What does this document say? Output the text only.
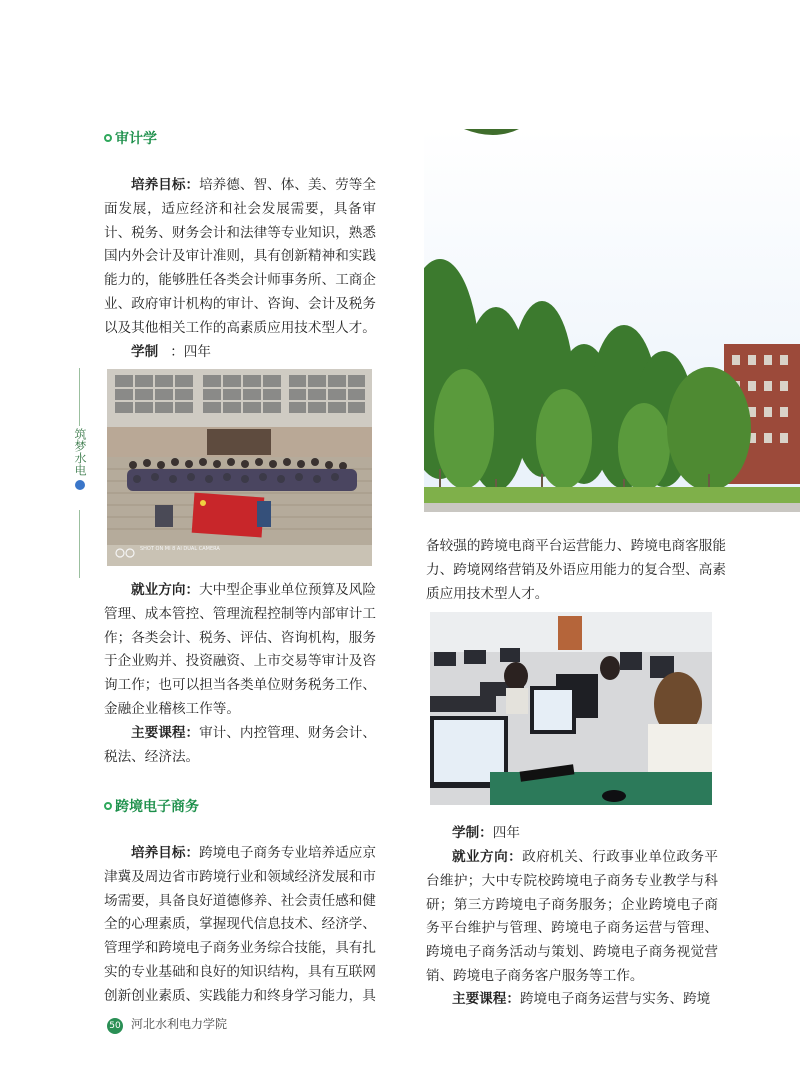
审计学
培养目标：培养德、智、体、美、劳等全面发展，适应经济和社会发展需要，具备审计、税务、财务会计和法律等专业知识，熟悉国内外会计及审计准则，具有创新精神和实践能力的，能够胜任各类会计师事务所、工商企业、政府审计机构的审计、咨询、会计及税务以及其他相关工作的高素质应用技术型人才。
学制 ：四年
SHOT ON MI 8 AI DUAL CAMERA
就业方向：大中型企事业单位预算及风险管理、成本管控、管理流程控制等内部审计工作；各类会计、税务、评估、咨询机构，服务于企业购并、投资融资、上市交易等审计及咨询工作；也可以担当各类单位财务税务工作、金融企业稽核工作等。
主要课程：审计、内控管理、财务会计、税法、经济法。
跨境电子商务
培养目标：跨境电子商务专业培养适应京津冀及周边省市跨境行业和领域经济发展和市场需要，具备良好道德修养、社会责任感和健全的心理素质，掌握现代信息技术、经济学、管理学和跨境电子商务业务综合技能，具有扎实的专业基础和良好的知识结构，具有互联网创新创业素质、实践能力和终身学习能力，具
筑梦水电
备较强的跨境电商平台运营能力、跨境电商客服能力、跨境网络营销及外语应用能力的复合型、高素质应用技术型人才。
学制：四年
就业方向：政府机关、行政事业单位政务平台维护；大中专院校跨境电子商务专业教学与科研；第三方跨境电子商务服务；企业跨境电子商务平台维护与管理、跨境电子商务运营与管理、跨境电子商务活动与策划、跨境电子商务视觉营销、跨境电子商务客户服务等工作。
主要课程：跨境电子商务运营与实务、跨境
50 河北水利电力学院
